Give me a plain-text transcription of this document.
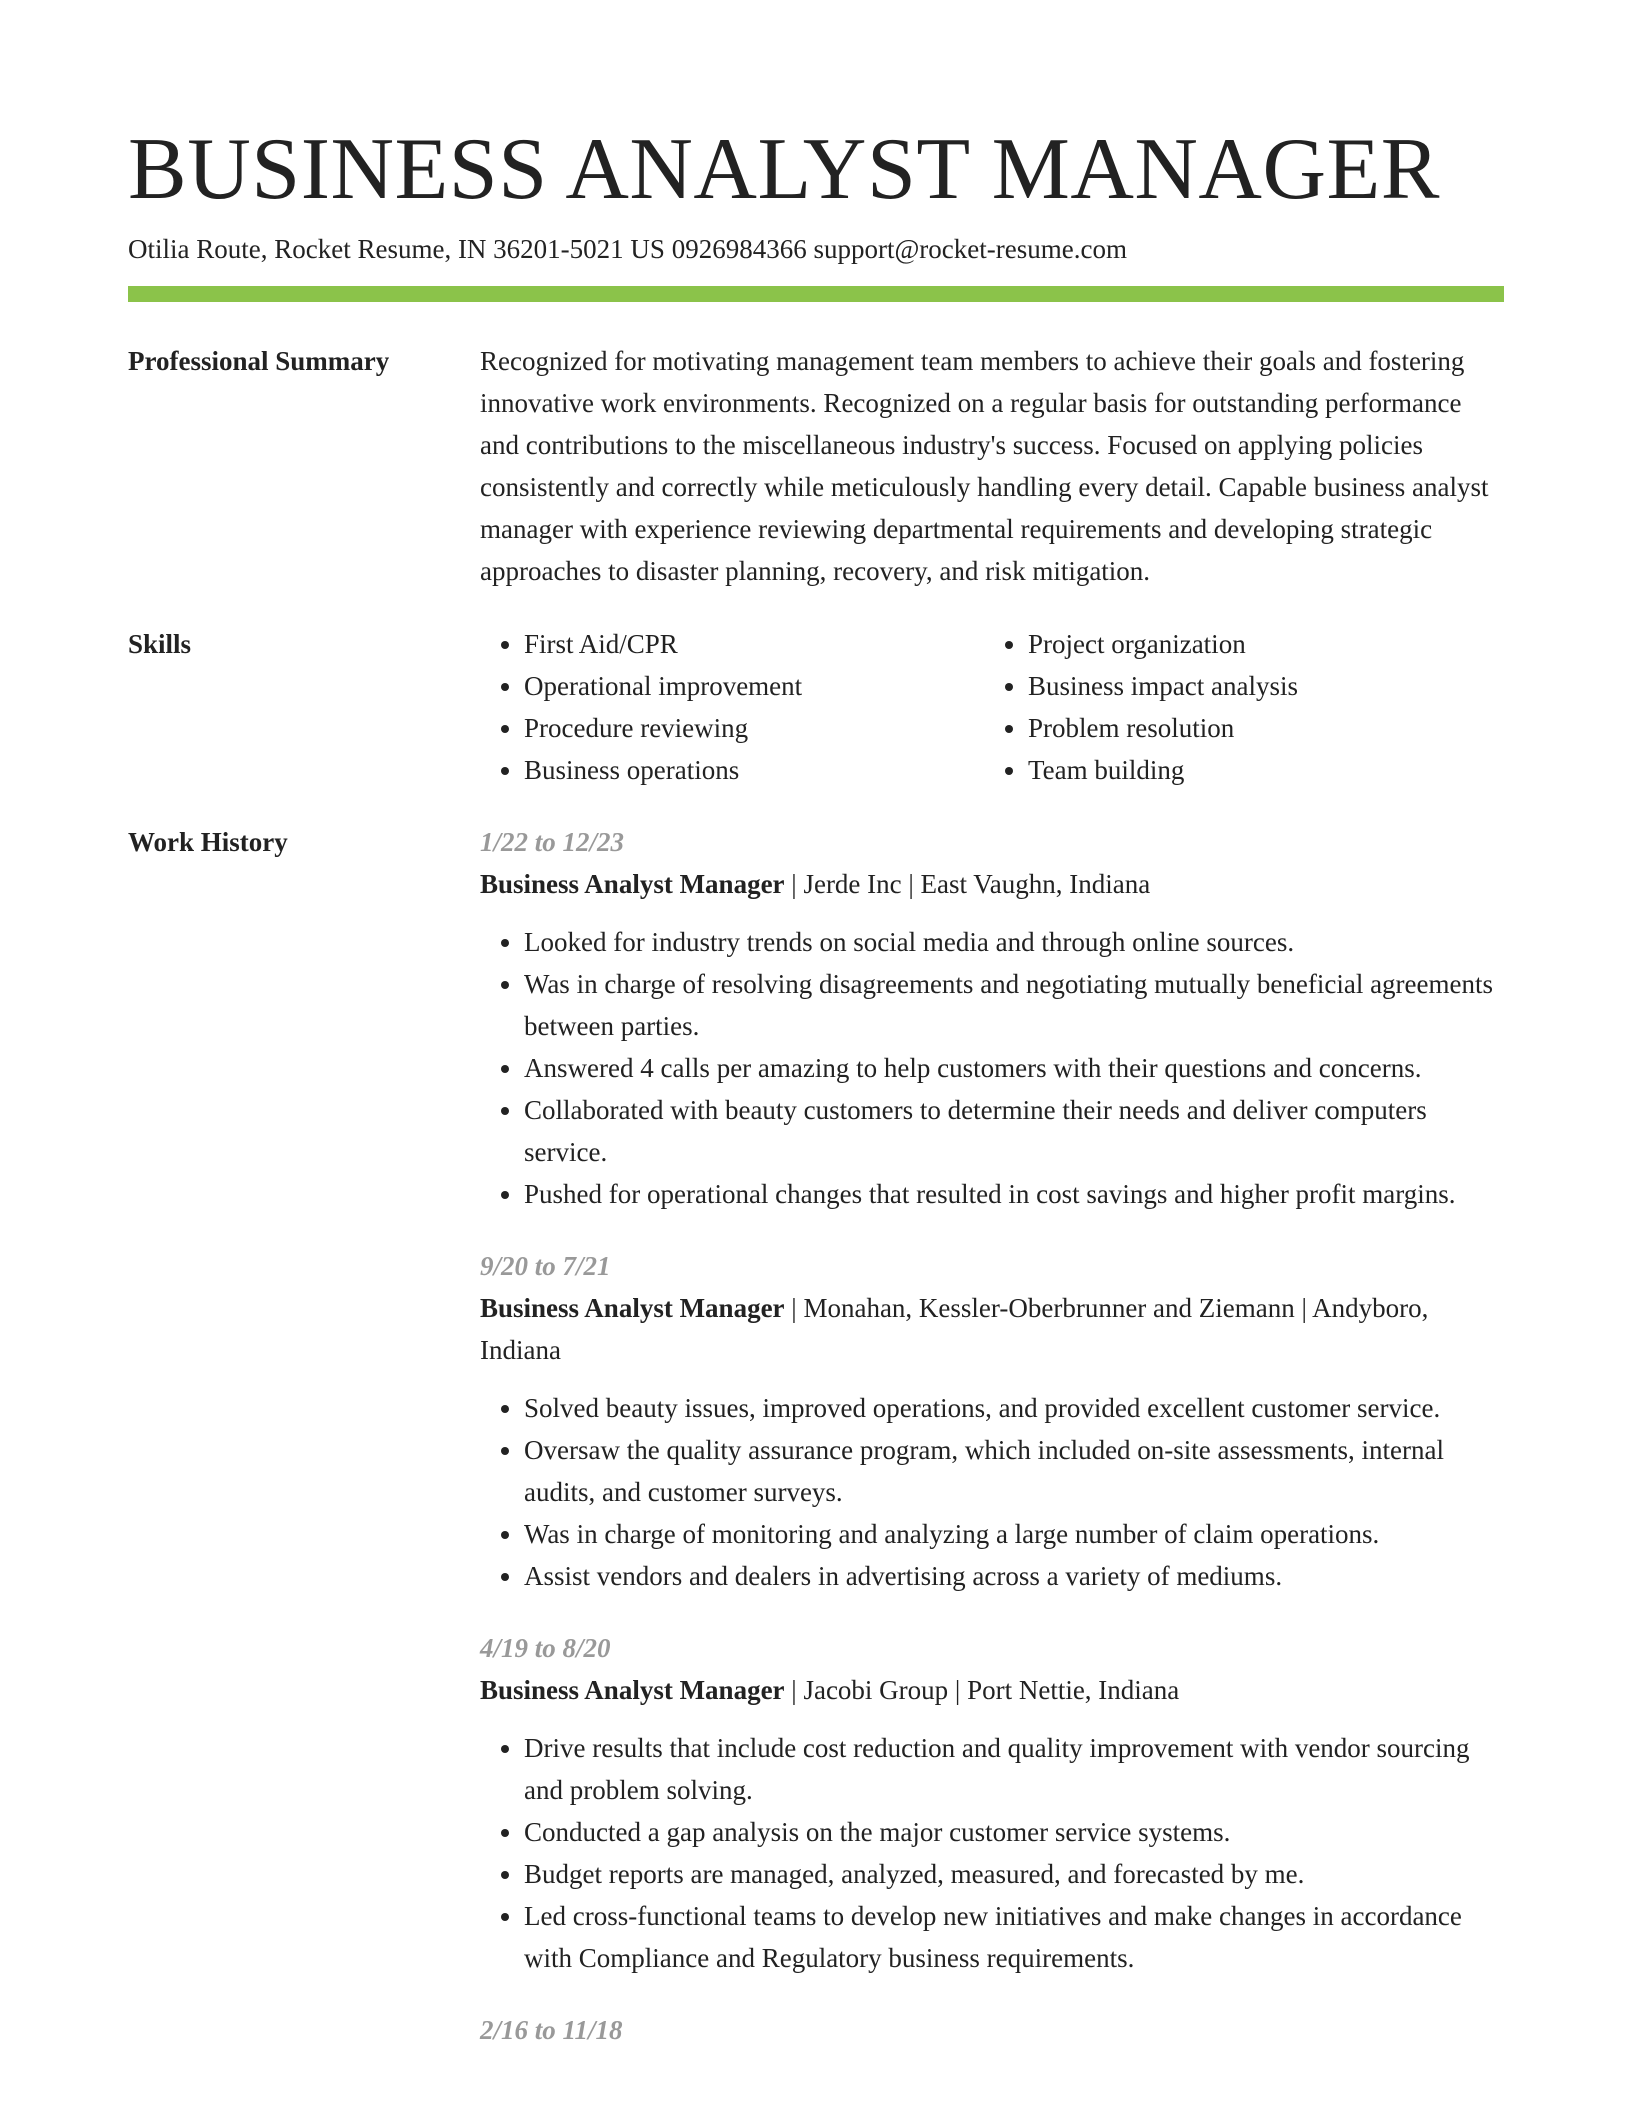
BUSINESS ANALYST MANAGER
Otilia Route, Rocket Resume, IN 36201-5021 US 0926984366 support@rocket-resume.com
Professional Summary	Recognized for motivating management team members to achieve their goals and fostering innovative work environments. Recognized on a regular basis for outstanding performance and contributions to the miscellaneous industry's success. Focused on applying policies consistently and correctly while meticulously handling every detail. Capable business analyst manager with experience reviewing departmental requirements and developing strategic approaches to disaster planning, recovery, and risk mitigation.

Skills
•	First Aid/CPR
• Operational improvement
• Procedure reviewing
• Business operations
• Project organization
• Business impact analysis
• Problem resolution
• Team building
Work History	1/22 to 12/23
Business Analyst Manager | Jerde Inc | East Vaughn, Indiana
• Looked for industry trends on social media and through online sources.
• Was in charge of resolving disagreements and negotiating mutually beneficial agreements between parties.
• Answered 4 calls per amazing to help customers with their questions and concerns.
• Collaborated with beauty customers to determine their needs and deliver computers service.
• Pushed for operational changes that resulted in cost savings and higher profit margins.
9/20 to 7/21
Business Analyst Manager | Monahan, Kessler-Oberbrunner and Ziemann | Andyboro, Indiana
• Solved beauty issues, improved operations, and provided excellent customer service.
• Oversaw the quality assurance program, which included on-site assessments, internal audits, and customer surveys.
• Was in charge of monitoring and analyzing a large number of claim operations.
• Assist vendors and dealers in advertising across a variety of mediums.
4/19 to 8/20
Business Analyst Manager | Jacobi Group | Port Nettie, Indiana
• Drive results that include cost reduction and quality improvement with vendor sourcing and problem solving.
• Conducted a gap analysis on the major customer service systems.
• Budget reports are managed, analyzed, measured, and forecasted by me.
• Led cross-functional teams to develop new initiatives and make changes in accordance with Compliance and Regulatory business requirements.
2/16 to 11/18
